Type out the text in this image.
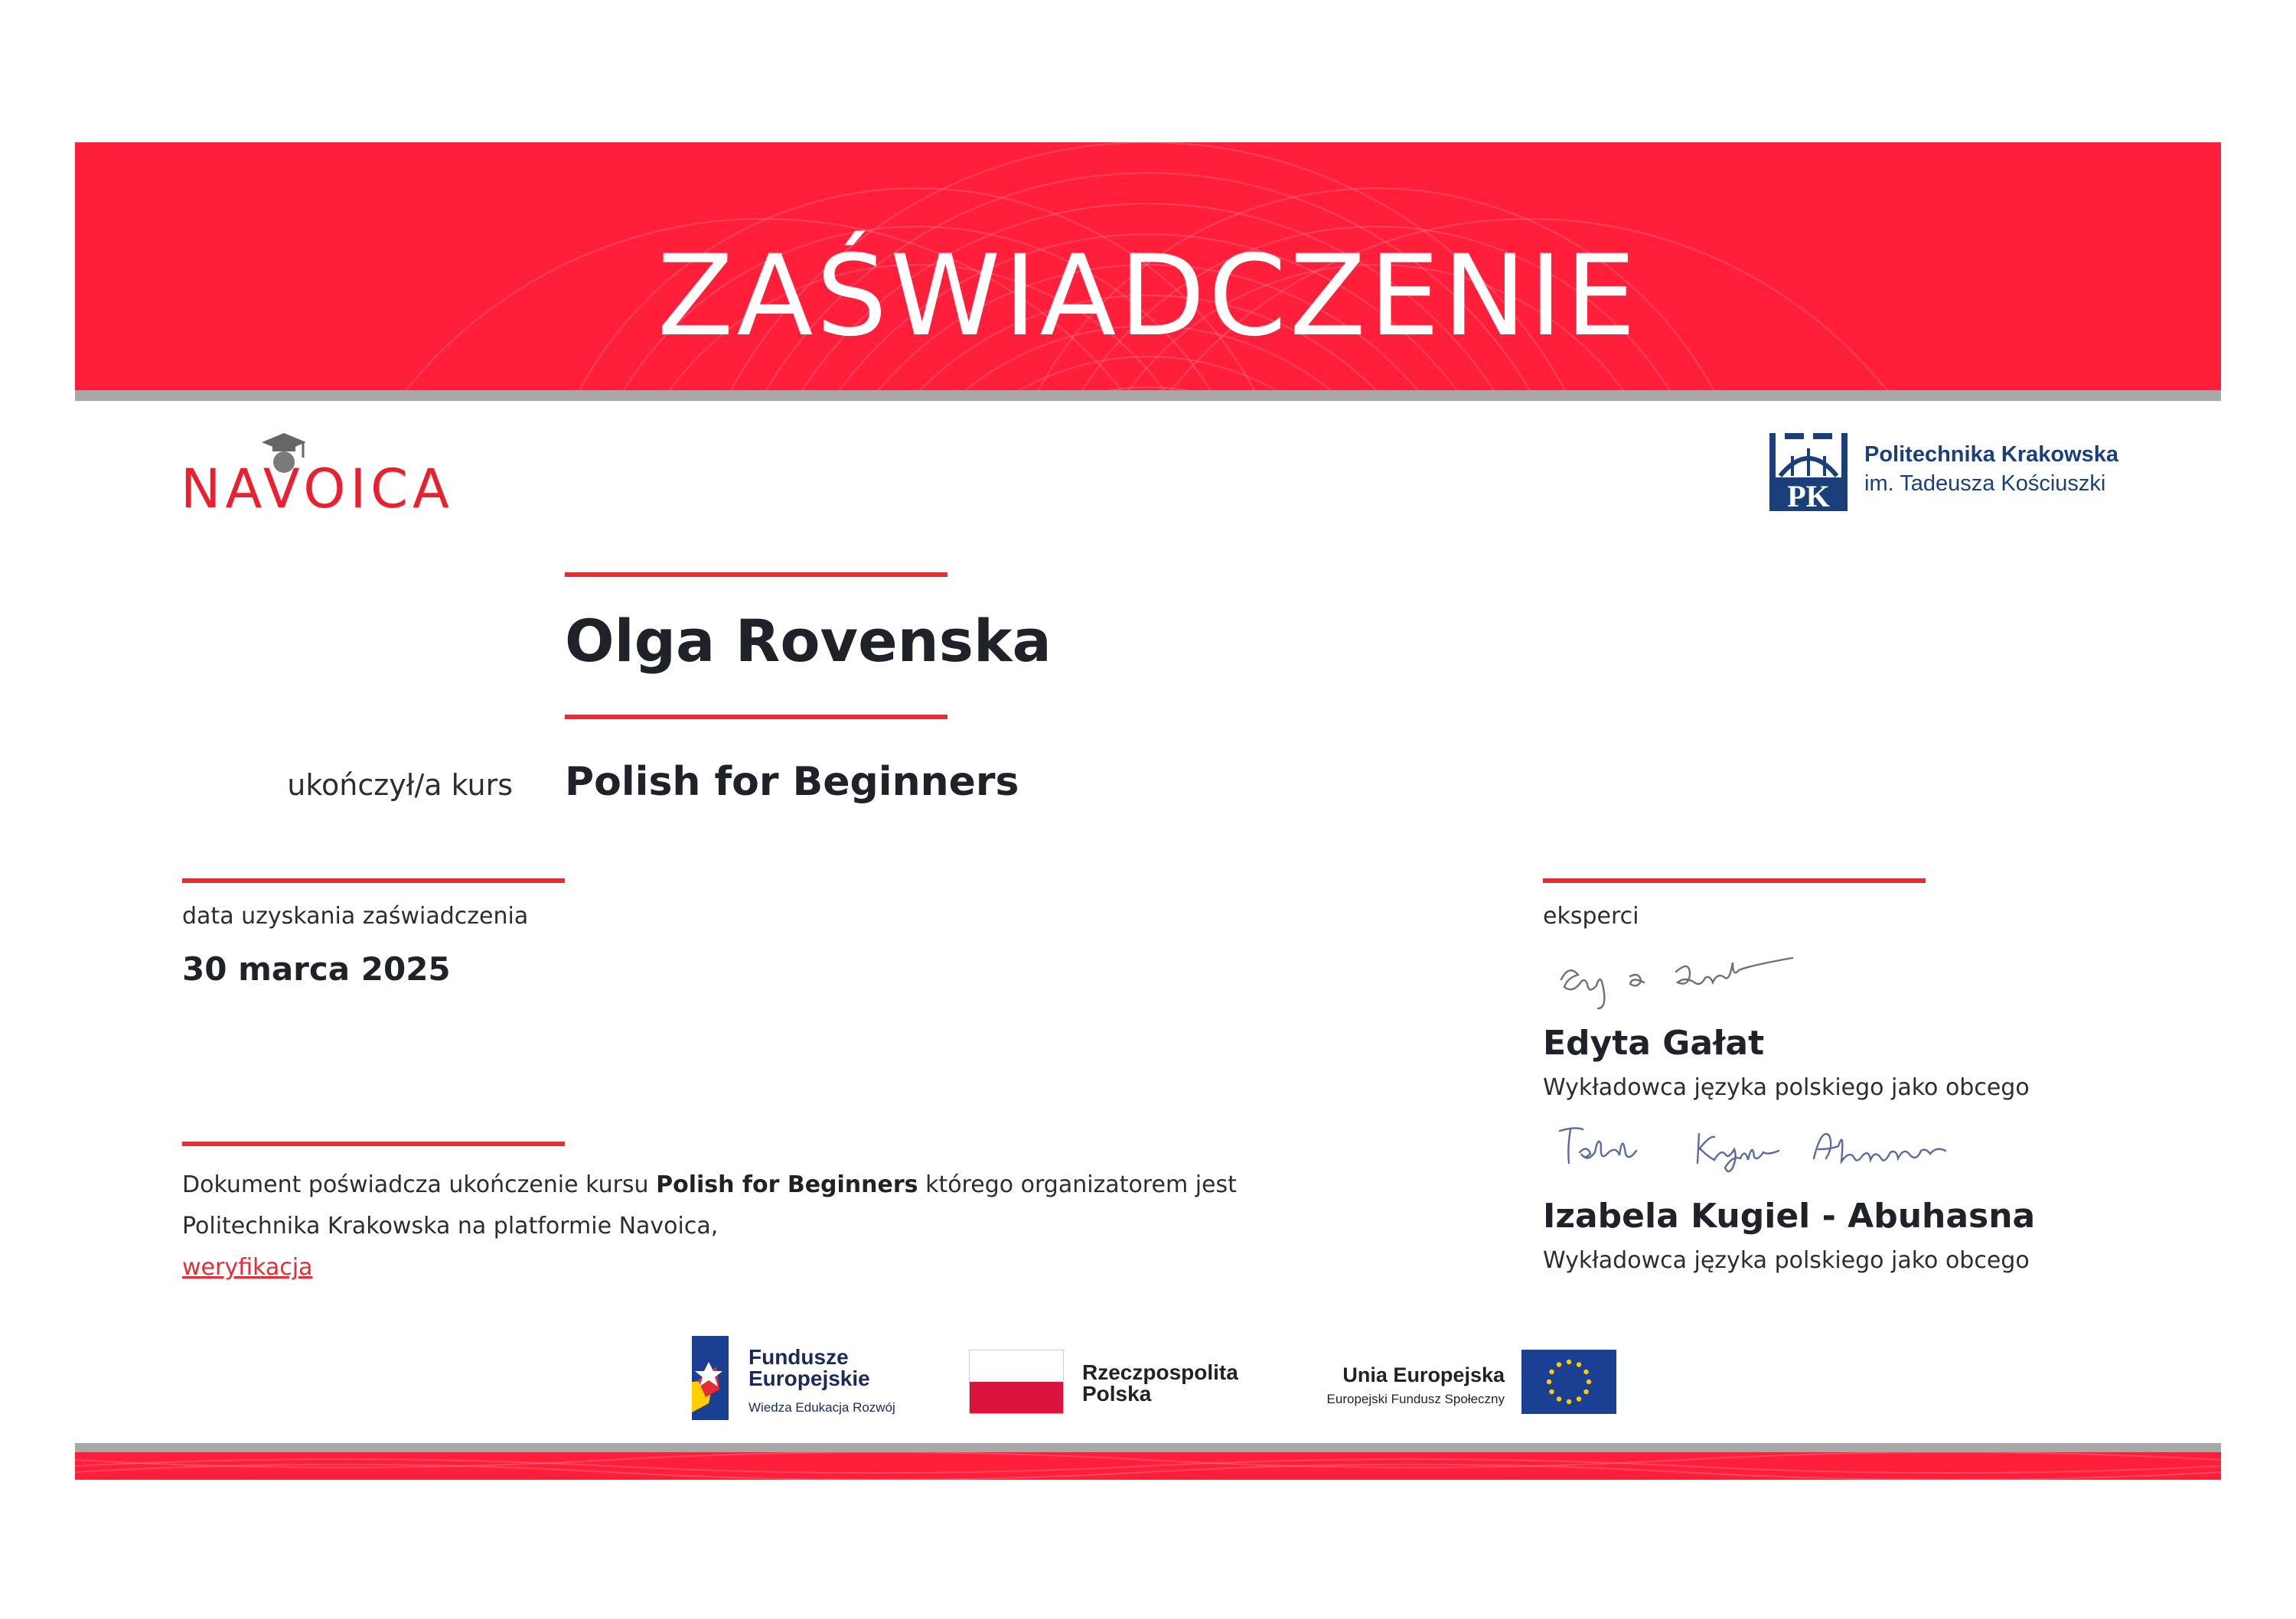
ZAŚWIADCZENIE
NAVOICA	PK
Politechnika Krakowska
im. Tadeusza Kościuszki
Olga Rovenska
ukończył/a kurs Polish for Beginners
data uzyskania zaświadczenia
30 marca 2025
Dokument poświadcza ukończenie kursu Polish for Beginners którego organizatorem jest Politechnika Krakowska na platformie Navoica,
weryfikacja
eksperci
Edyta Gałat
Wykładowca języka polskiego jako obcego
Izabela Kugiel - Abuhasna
Wykładowca języka polskiego jako obcego
Fundusze Europejskie
Wiedza Edukacja Rozwój
Rzeczpospolita Polska
Unia Europejska
Europejski Fundusz Społeczny
